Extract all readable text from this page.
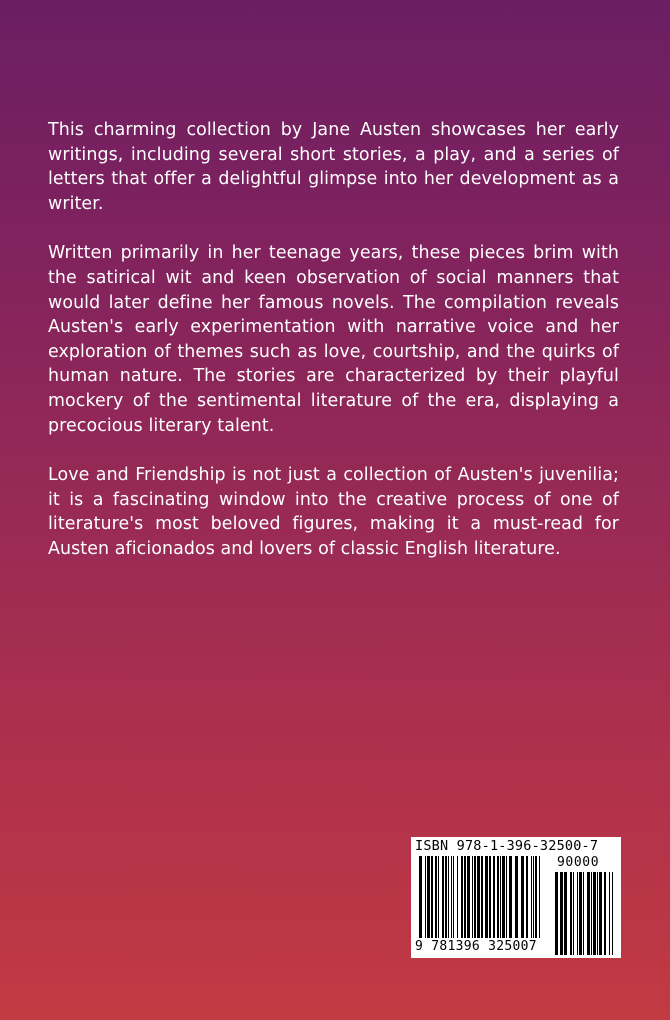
This charming collection by Jane Austen showcases her early writings, including several short stories, a play, and a series of letters that offer a delightful glimpse into her development as a writer.

Written primarily in her teenage years, these pieces brim with the satirical wit and keen observation of social manners that would later define her famous novels. The compilation reveals Austen's early experimentation with narrative voice and her exploration of themes such as love, courtship, and the quirks of human nature. The stories are characterized by their playful mockery of the sentimental literature of the era, displaying a precocious literary talent.

Love and Friendship is not just a collection of Austen's juvenilia; it is a fascinating window into the creative process of one of literature's most beloved figures, making it a must-read for Austen aficionados and lovers of classic English literature.

ISBN 978-1-396-32500-7
90000
9 781396 325007
